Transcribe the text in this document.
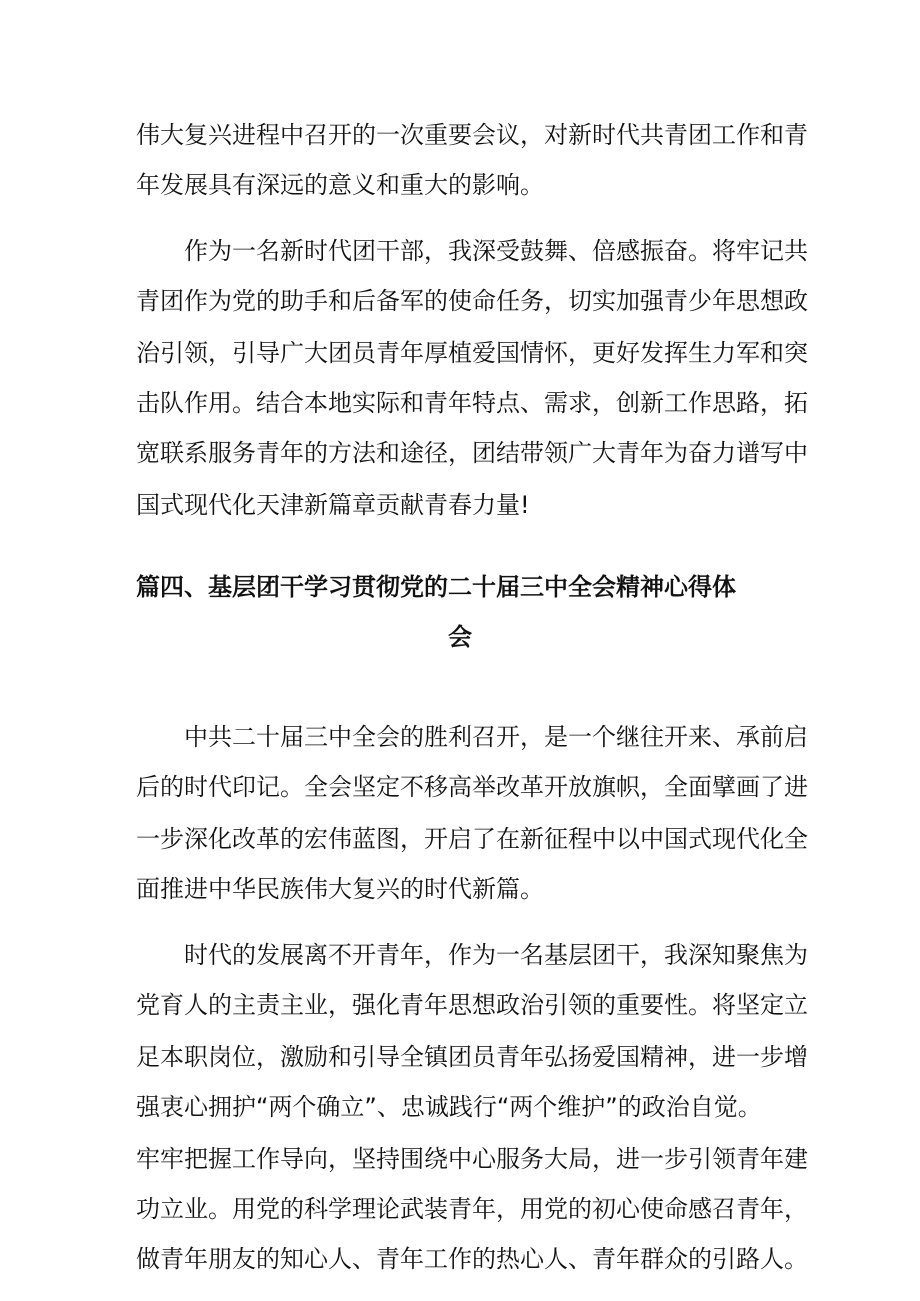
伟大复兴进程中召开的一次重要会议，对新时代共青团工作和青
年发展具有深远的意义和重大的影响。
作为一名新时代团干部，我深受鼓舞、倍感振奋。将牢记共
青团作为党的助手和后备军的使命任务，切实加强青少年思想政
治引领，引导广大团员青年厚植爱国情怀，更好发挥生力军和突
击队作用。结合本地实际和青年特点、需求，创新工作思路，拓
宽联系服务青年的方法和途径，团结带领广大青年为奋力谱写中
国式现代化天津新篇章贡献青春力量!
篇四、基层团干学习贯彻党的二十届三中全会精神心得体
会
中共二十届三中全会的胜利召开，是一个继往开来、承前启
后的时代印记。全会坚定不移高举改革开放旗帜，全面擘画了进
一步深化改革的宏伟蓝图，开启了在新征程中以中国式现代化全
面推进中华民族伟大复兴的时代新篇。
时代的发展离不开青年，作为一名基层团干，我深知聚焦为
党育人的主责主业，强化青年思想政治引领的重要性。将坚定立
足本职岗位，激励和引导全镇团员青年弘扬爱国精神，进一步增
强衷心拥护“两个确立”、忠诚践行“两个维护”的政治自觉。
牢牢把握工作导向，坚持围绕中心服务大局，进一步引领青年建
功立业。用党的科学理论武装青年，用党的初心使命感召青年，
做青年朋友的知心人、青年工作的热心人、青年群众的引路人。
